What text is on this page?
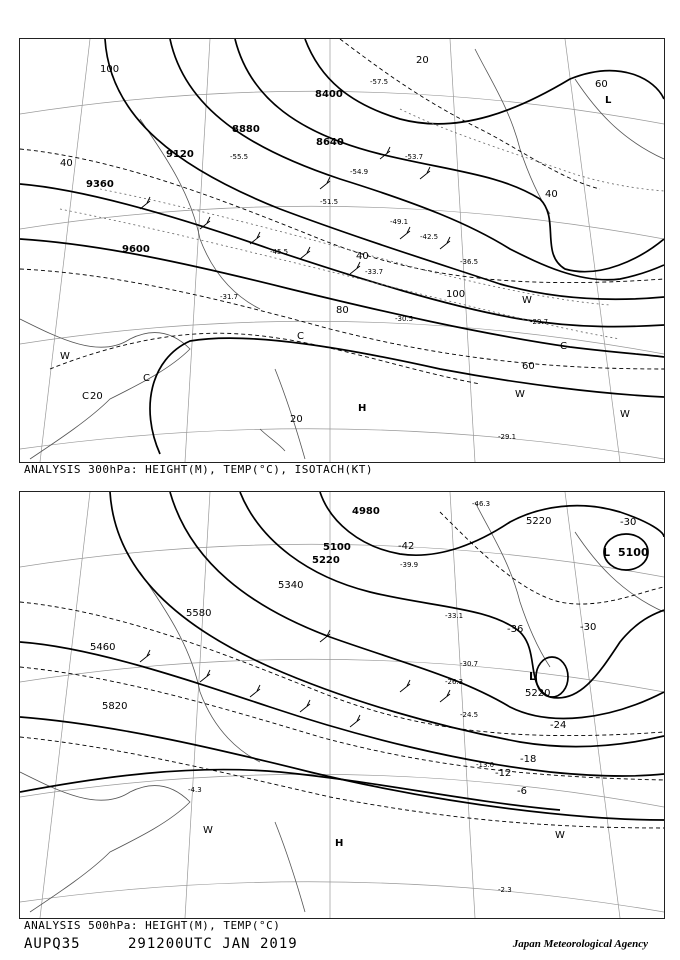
8400
8640
8880
9120
9360
9600
40
100
80
100
40
60
20
20
20
60
40
-57.5
-55.5
-54.9
-53.7
-51.5
-49.1
-45.5
-42.5
-36.5
-33.7
-31.7
-30.5	-29.7
-29.1
H
L
W
W
W
W
C
C
C
C
ANALYSIS 300hPa: HEIGHT(M), TEMP(°C), ISOTACH(KT)
4980
5100
5220
5220
5340
5460
5580
5820
L 5100
L
5220
-42
-36
-30
-30
-24
-18
-12
-6
-46.3
-39.9
-33.1
-30.7
-26.3
-24.5
-13.0
-4.3
-2.3
H
W	W
ANALYSIS 500hPa: HEIGHT(M), TEMP(°C)
AUPQ35	291200UTC JAN 2019	Japan Meteorological Agency
